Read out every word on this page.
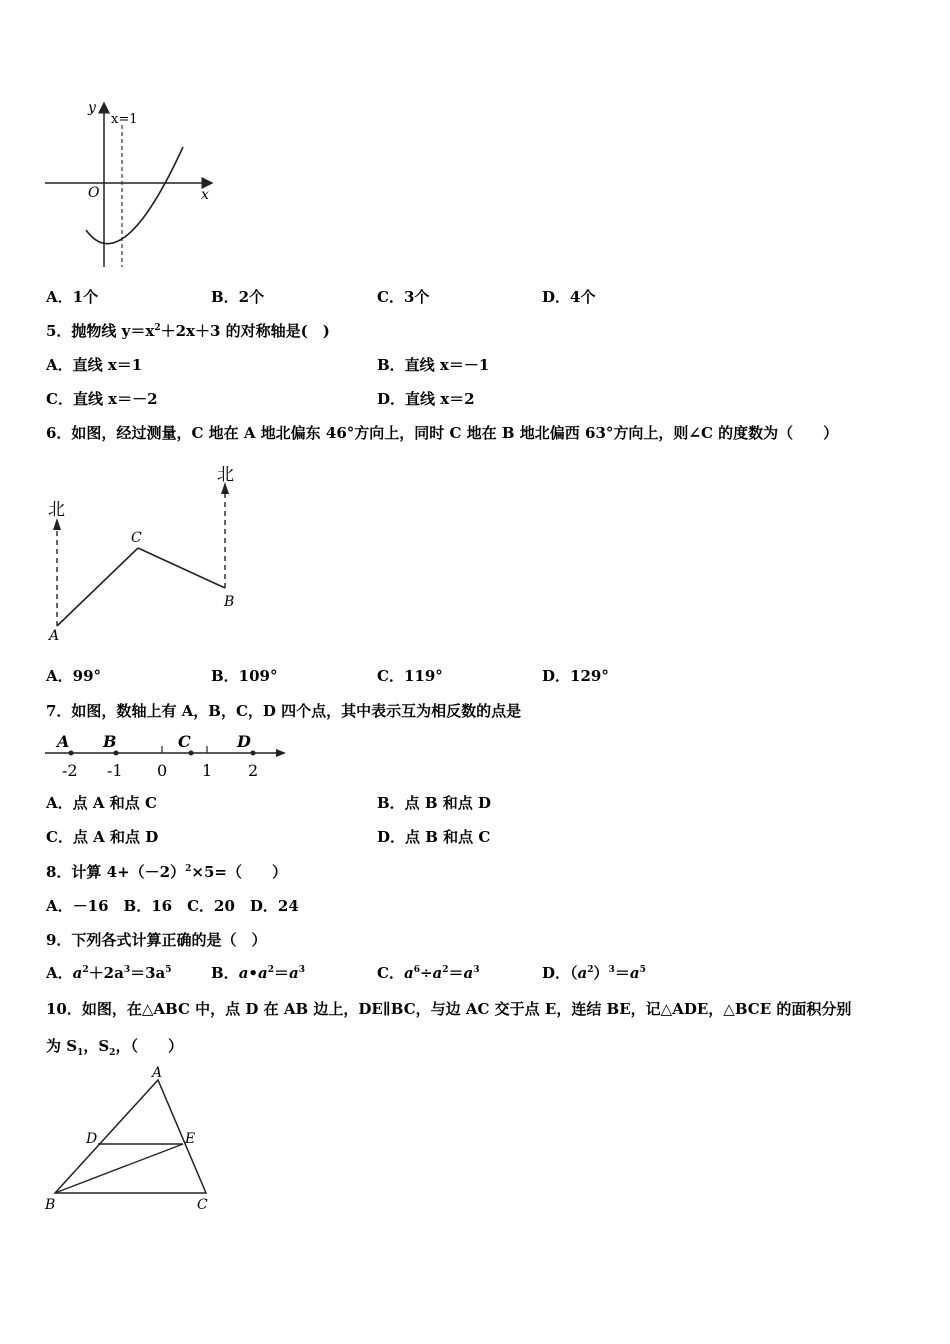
y
x
O
x=1
A．1个	B．2个	C．3个	D．4个
5．抛物线 $y=x^2+2x+3$ 的对称轴是(　)
A．直线 x＝1	B．直线 x＝－1
C．直线 x＝－2	D．直线 x＝2
6．如图，经过测量，C 地在 A 地北偏东 46°方向上，同时 C 地在 B 地北偏西 63°方向上，则∠C 的度数为（　　）
北
北
A
B
C
A．99°	B．109°	C．119°	D．129°
7．如图，数轴上有 A，B，C，D 四个点，其中表示互为相反数的点是
A B	C	D
-2 -1 0 1 2
A．点 A 和点 C	B．点 B 和点 D
C．点 A 和点 D	D．点 B 和点 C
8．计算 $4+(-2)^2\times 5=$（　　）
A．－16　B．16　C．20　D．24
9．下列各式计算正确的是（　）
A．$a^2+2a^3=3a^5$	B．$a•a^2=a^3$	C．$a^6\div a^2=a^3$	D．$(a^2)^3=a^5$
10．如图，在△ABC 中，点 D 在 AB 边上，DE∥BC，与边 AC 交于点 E，连结 BE，记△ADE，△BCE 的面积分别
为 $S_1$，$S_2$，（　　）
A
B	C
D	E
